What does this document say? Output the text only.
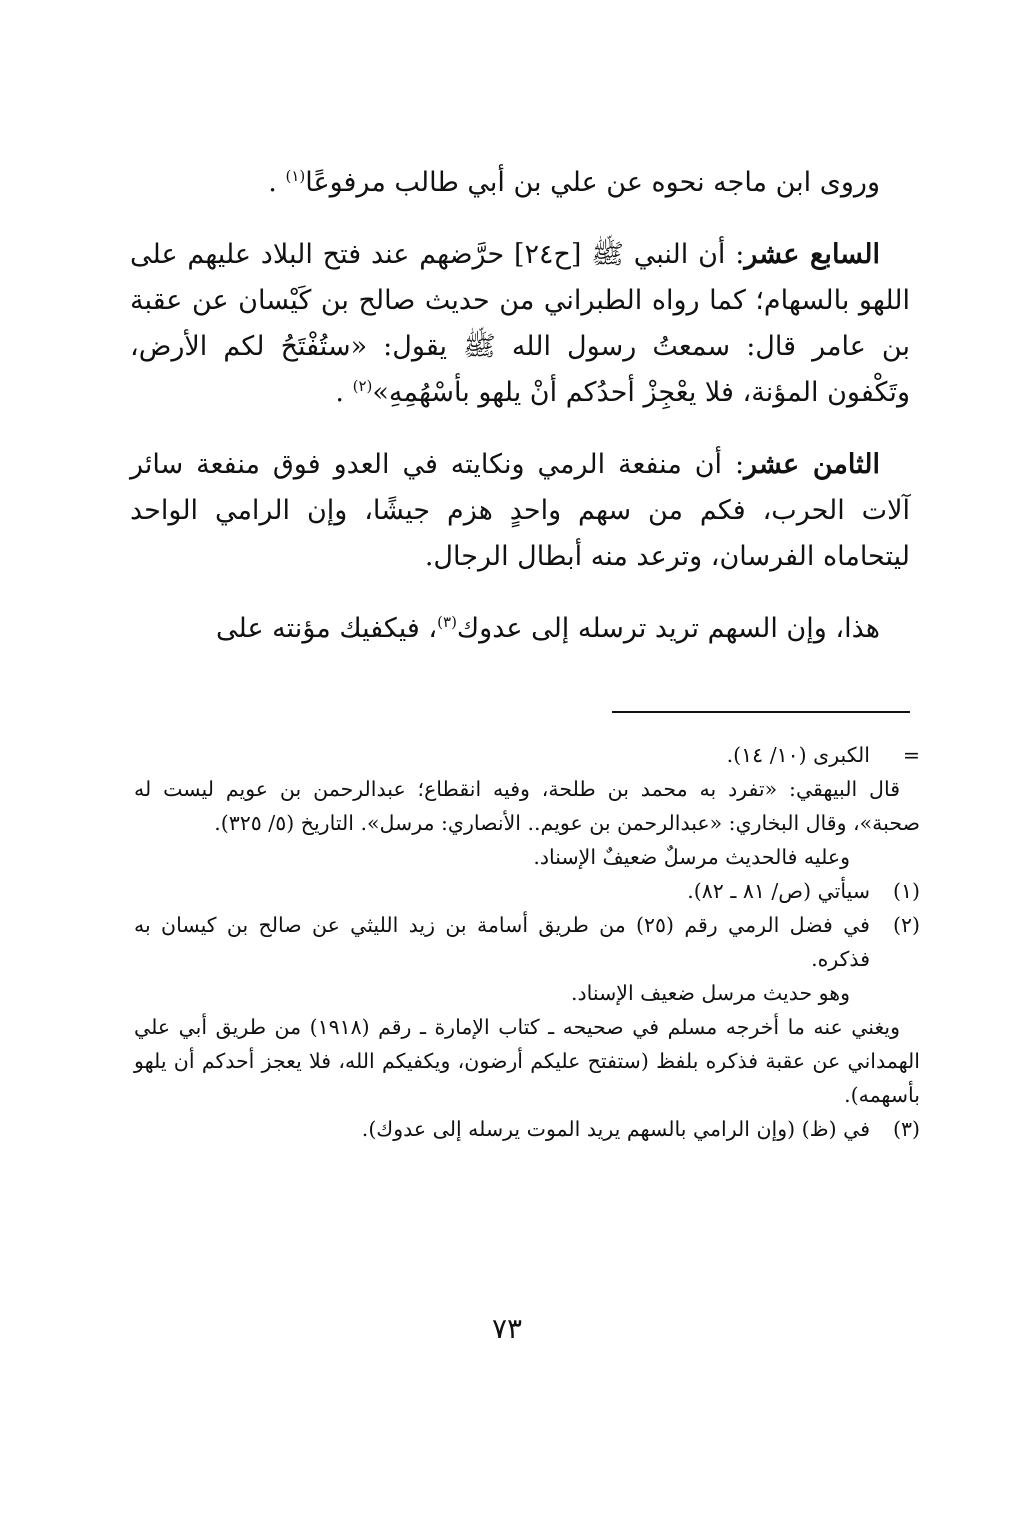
وروى ابن ماجه نحوه عن علي بن أبي طالب مرفوعًا$^{(١)}$ .

السابع عشر: أن النبي ﷺ [ح٢٤] حرَّضهم عند فتح البلاد عليهم على اللهو بالسهام؛ كما رواه الطبراني من حديث صالح بن كَيْسان عن عقبة بن عامر قال: سمعتُ رسول الله ﷺ يقول: «ستُفْتَحُ لكم الأرض، وتَكْفون المؤنة، فلا يعْجِزْ أحدُكم أنْ يلهو بأسْهُمِهِ»$^{(٢)}$ .

الثامن عشر: أن منفعة الرمي ونكايته في العدو فوق منفعة سائر آلات الحرب، فكم من سهم واحدٍ هزم جيشًا، وإن الرامي الواحد ليتحاماه الفرسان، وترعد منه أبطال الرجال.

هذا، وإن السهم تريد ترسله إلى عدوك$^{(٣)}$، فيكفيك مؤنته على

=
الكبرى (١٠/ ١٤).
قال البيهقي: «تفرد به محمد بن طلحة، وفيه انقطاع؛ عبدالرحمن بن عويم ليست له صحبة»، وقال البخاري: «عبدالرحمن بن عويم.. الأنصاري: مرسل». التاريخ (٥/ ٣٢٥).
وعليه فالحديث مرسلٌ ضعيفٌ الإسناد.
(١)
سيأتي (ص/ ٨١ ـ ٨٢).
(٢)
في فضل الرمي رقم (٢٥) من طريق أسامة بن زيد الليثي عن صالح بن كيسان به فذكره.
وهو حديث مرسل ضعيف الإسناد.
ويغني عنه ما أخرجه مسلم في صحيحه ـ كتاب الإمارة ـ رقم (١٩١٨) من طريق أبي علي الهمداني عن عقبة فذكره بلفظ (ستفتح عليكم أرضون، ويكفيكم الله، فلا يعجز أحدكم أن يلهو بأسهمه).
(٣)
في (ظ) (وإن الرامي بالسهم يريد الموت يرسله إلى عدوك).
٧٣
